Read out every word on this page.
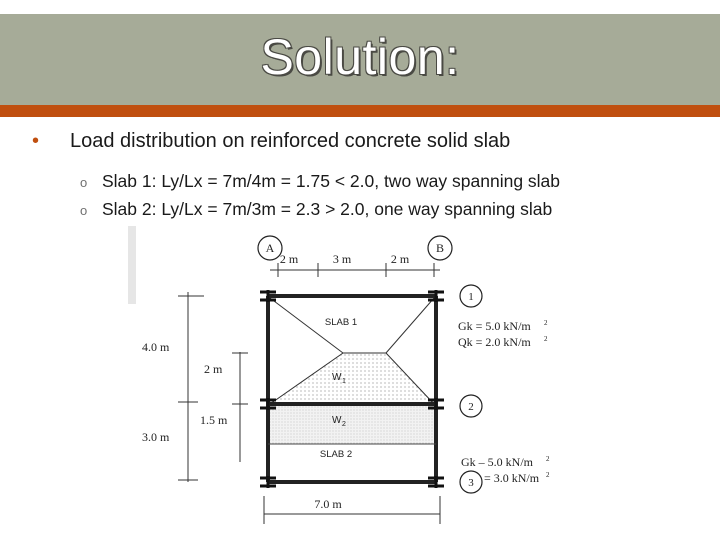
Solution:
• Load distribution on reinforced concrete solid slab
o Slab 1: Ly/Lx = 7m/4m = 1.75 < 2.0, two way spanning slab
o Slab 2: Ly/Lx = 7m/3m = 2.3 > 2.0, one way spanning slab
A	B
2 m	3 m	2 m
SLAB 1
SLAB 2
W 1
W 2
4.0 m
3.0 m
2 m
1.5 m
1
2
3
Gk = 5.0 kN/m 2
Qk = 2.0 kN/m 2
Gk – 5.0 kN/m 2
= 3.0 kN/m 2
7.0 m
